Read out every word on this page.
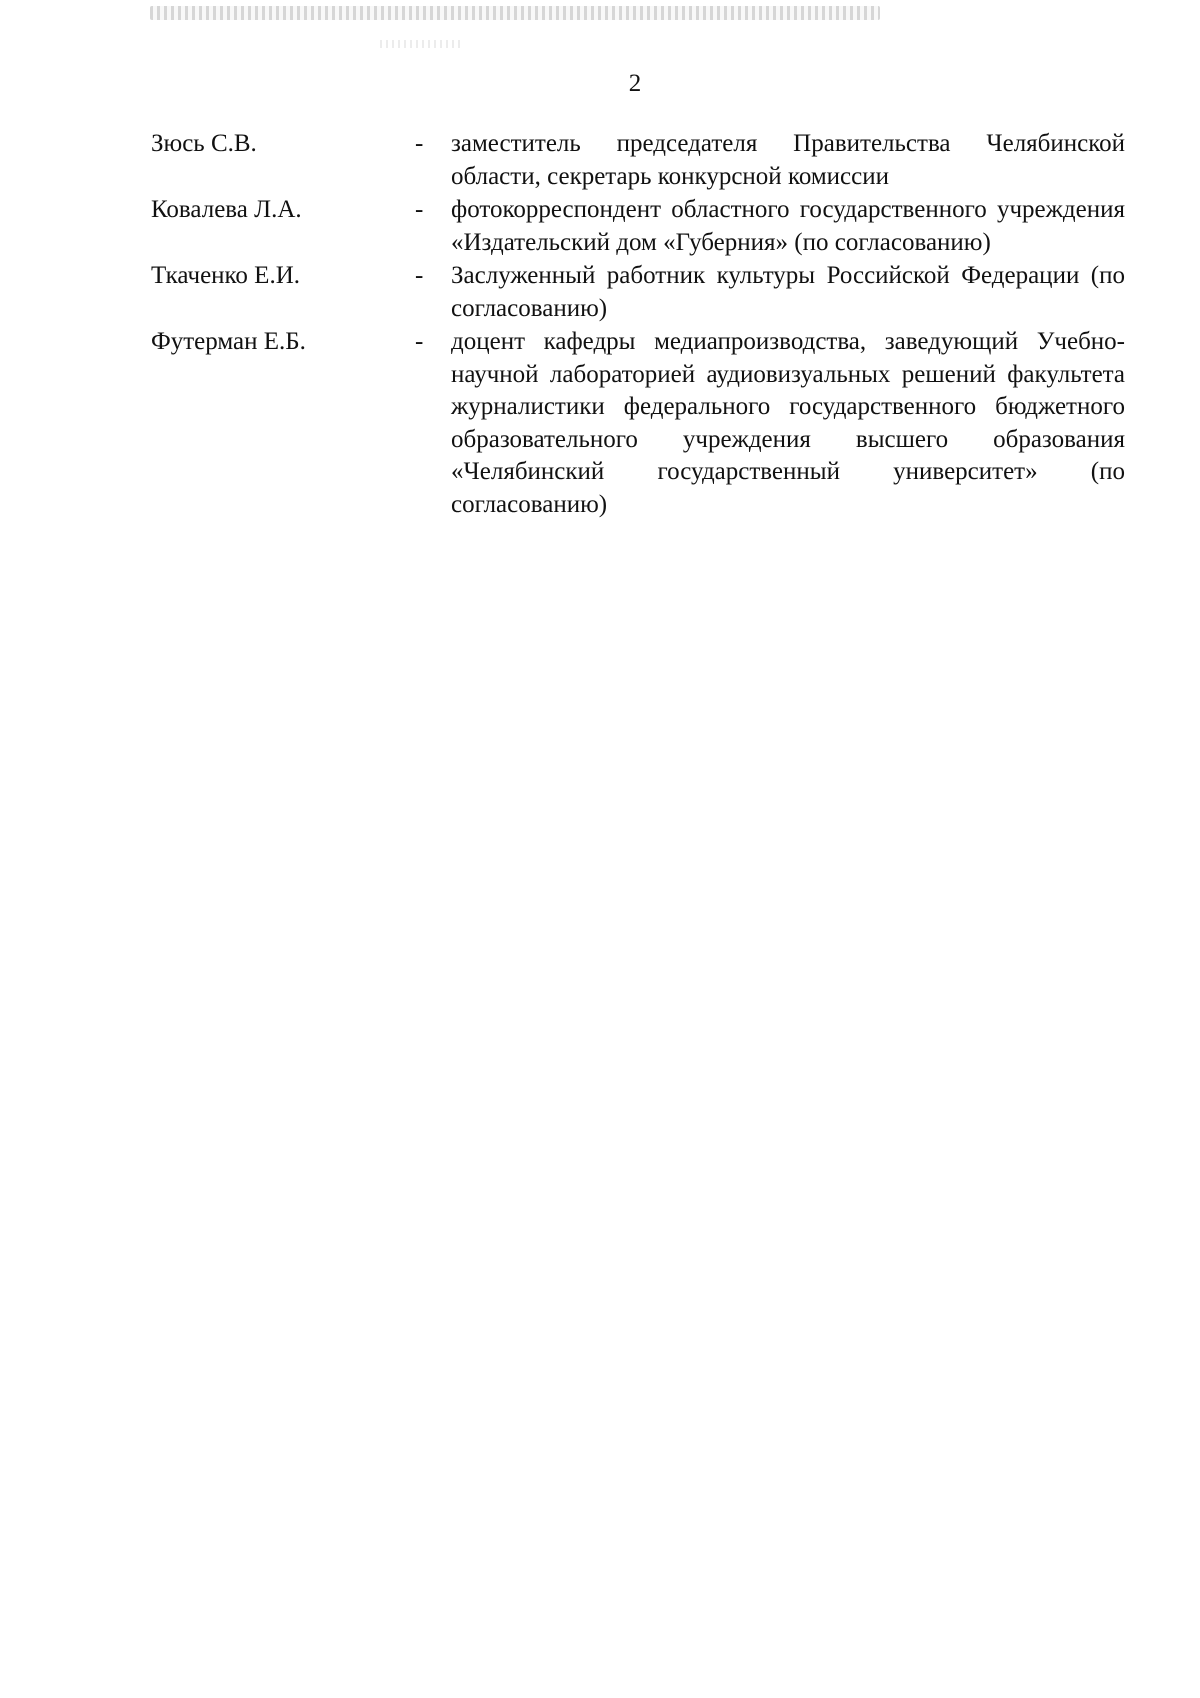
2
Зюсь С.В.	-	заместитель председателя Правительства Челябинской области, секретарь конкурсной комиссии
Ковалева Л.А.	-	фотокорреспондент областного государственного учреждения «Издательский дом «Губерния» (по согласованию)
Ткаченко Е.И.	-	Заслуженный работник культуры Российской Федерации (по согласованию)
Футерман Е.Б.	-	доцент кафедры медиапроизводства, заведующий Учебно-научной лабораторией аудиовизуальных решений факультета журналистики федерального государственного бюджетного образовательного учреждения высшего образования «Челябинский государственный университет» (по согласованию)
